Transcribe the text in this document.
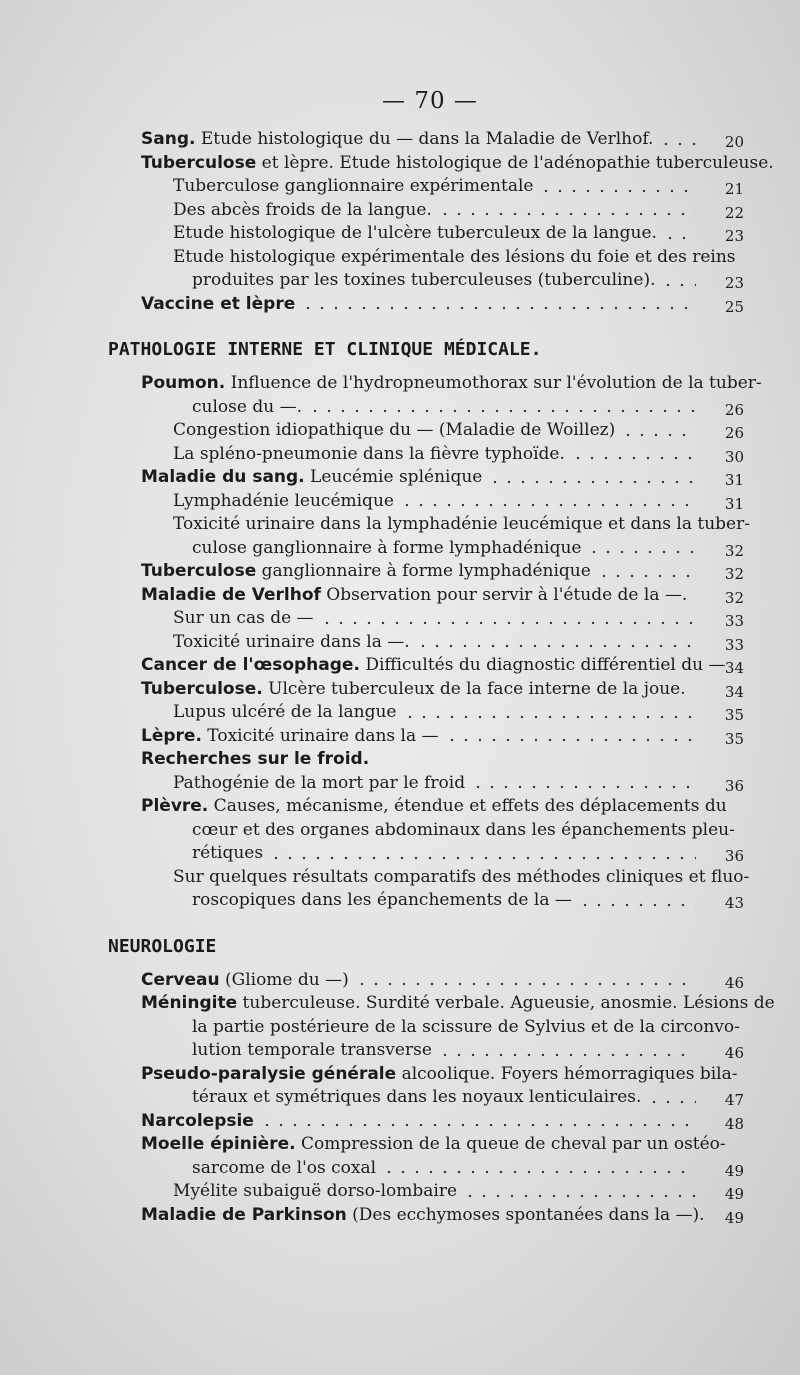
— 70 —
Sang. Etude histologique du — dans la Maladie de Verlhof.	20
Tuberculose et lèpre. Etude histologique de l'adénopathie tuberculeuse.
Tuberculose ganglionnaire expérimentale	21
Des abcès froids de la langue.	22
Etude histologique de l'ulcère tuberculeux de la langue.	23
Etude histologique expérimentale des lésions du foie et des reins
produites par les toxines tuberculeuses (tuberculine).	23
Vaccine et lèpre	25
PATHOLOGIE INTERNE ET CLINIQUE MÉDICALE.
Poumon. Influence de l'hydropneumothorax sur l'évolution de la tuber-
culose du —.	26
Congestion idiopathique du — (Maladie de Woillez)	26
La spléno-pneumonie dans la fièvre typhoïde.	30
Maladie du sang. Leucémie splénique	31
Lymphadénie leucémique	31
Toxicité urinaire dans la lymphadénie leucémique et dans la tuber-
culose ganglionnaire à forme lymphadénique	32
Tuberculose ganglionnaire à forme lymphadénique	32
Maladie de Verlhof Observation pour servir à l'étude de la —.	32
Sur un cas de —	33
Toxicité urinaire dans la —.	33
Cancer de l'œsophage. Difficultés du diagnostic différentiel du — 34
Tuberculose. Ulcère tuberculeux de la face interne de la joue.	34
Lupus ulcéré de la langue	35
Lèpre. Toxicité urinaire dans la —	35
Recherches sur le froid.
Pathogénie de la mort par le froid	36
Plèvre. Causes, mécanisme, étendue et effets des déplacements du
cœur et des organes abdominaux dans les épanchements pleu-
rétiques	36
Sur quelques résultats comparatifs des méthodes cliniques et fluo-
roscopiques dans les épanchements de la —	43
NEUROLOGIE
Cerveau (Gliome du —)	46
Méningite tuberculeuse. Surdité verbale. Agueusie, anosmie. Lésions de
la partie postérieure de la scissure de Sylvius et de la circonvo-
lution temporale transverse	46
Pseudo-paralysie générale alcoolique. Foyers hémorragiques bila-
téraux et symétriques dans les noyaux lenticulaires.	47
Narcolepsie	48
Moelle épinière. Compression de la queue de cheval par un ostéo-
sarcome de l'os coxal	49
Myélite subaiguë dorso-lombaire	49
Maladie de Parkinson (Des ecchymoses spontanées dans la —).	49
